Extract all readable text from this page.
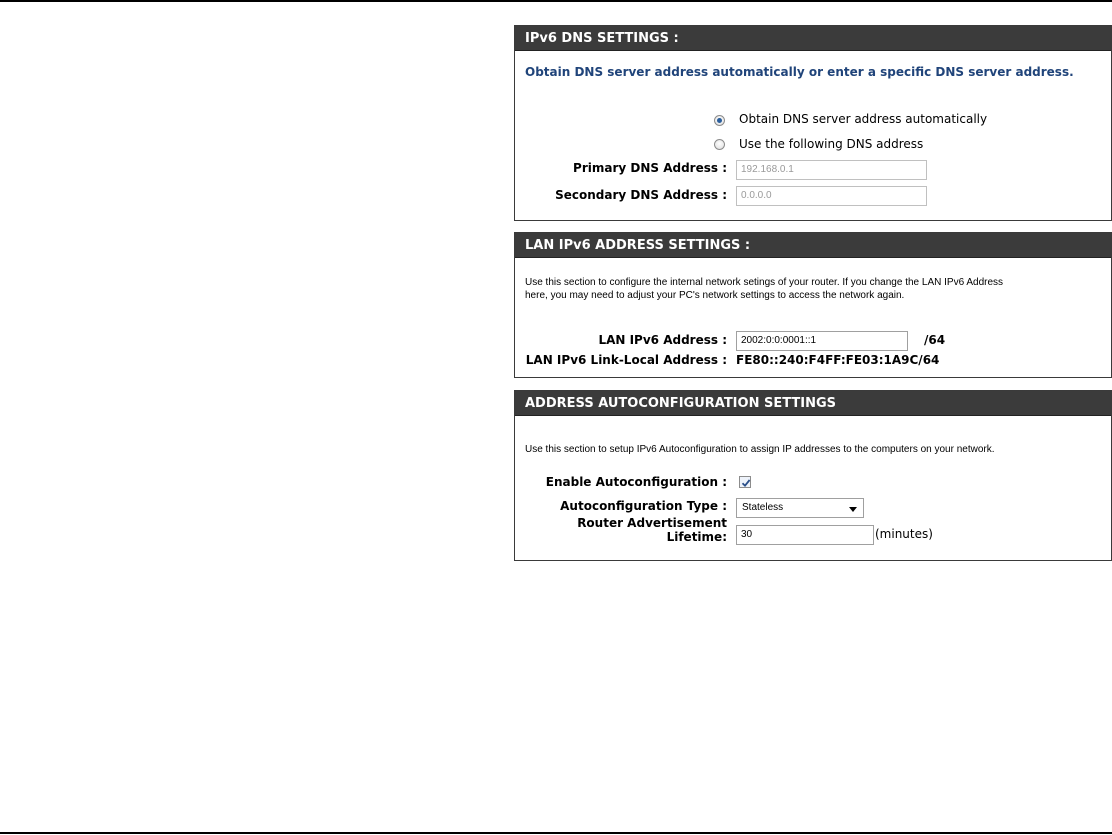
IPv6 DNS SETTINGS :
Obtain DNS server address automatically or enter a specific DNS server address.
Obtain DNS server address automatically
Use the following DNS address
Primary DNS Address :	192.168.0.1
Secondary DNS Address :	0.0.0.0
LAN IPv6 ADDRESS SETTINGS :
Use this section to configure the internal network setings of your router. If you change the LAN IPv6 Address
here, you may need to adjust your PC's network settings to access the network again.
LAN IPv6 Address :	2002:0:0:0001::1	/64
LAN IPv6 Link-Local Address : FE80::240:F4FF:FE03:1A9C/64
ADDRESS AUTOCONFIGURATION SETTINGS
Use this section to setup IPv6 Autoconfiguration to assign IP addresses to the computers on your network.
Enable Autoconfiguration :
Autoconfiguration Type :	Stateless
Router Advertisement
Lifetime:	30	(minutes)
